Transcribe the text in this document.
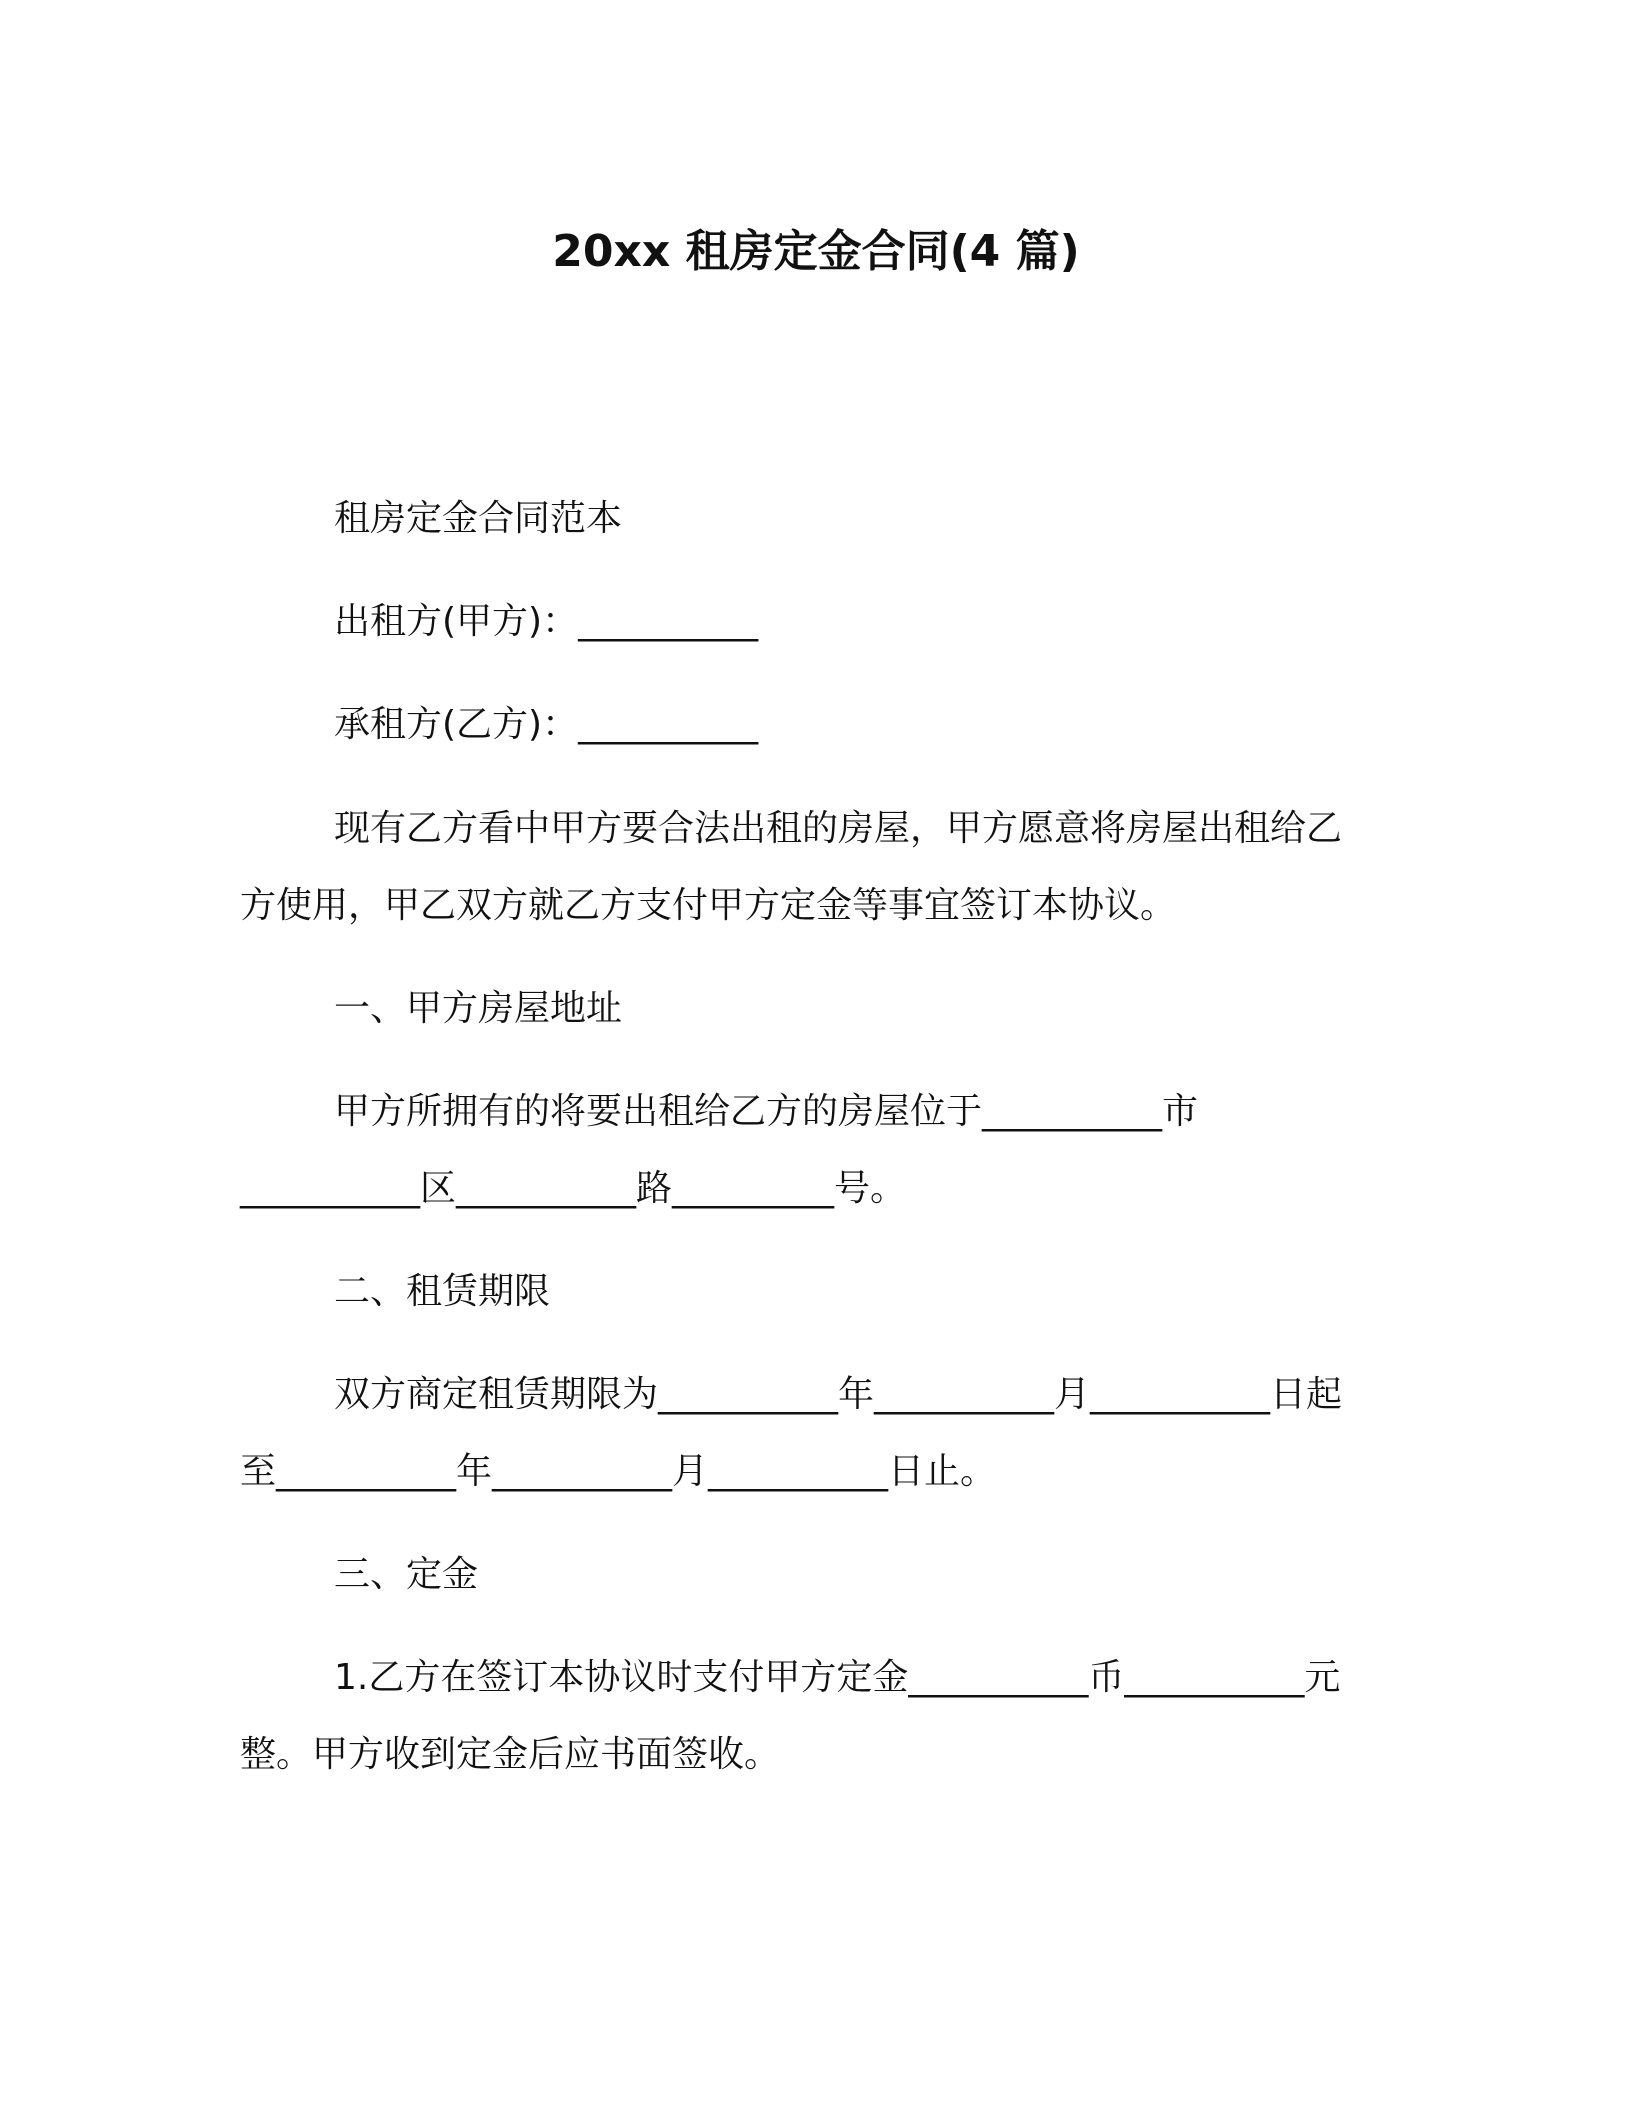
20xx 租房定金合同(4 篇)
租房定金合同范本
出租方(甲方)：__________
承租方(乙方)：__________
现有乙方看中甲方要合法出租的房屋，甲方愿意将房屋出租给乙
方使用，甲乙双方就乙方支付甲方定金等事宜签订本协议。
一、甲方房屋地址
甲方所拥有的将要出租给乙方的房屋位于__________市
__________区__________路_________号。
二、租赁期限
双方商定租赁期限为__________年__________月__________日起
至__________年__________月__________日止。
三、定金
1.乙方在签订本协议时支付甲方定金__________币__________元
整。甲方收到定金后应书面签收。
